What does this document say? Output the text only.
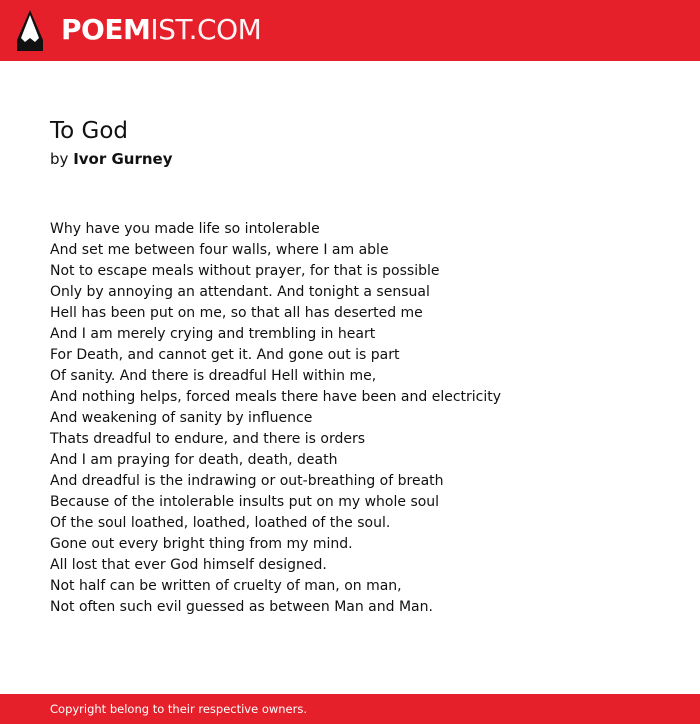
POEMIST.COM
To God
by Ivor Gurney
Why have you made life so intolerable
And set me between four walls, where I am able
Not to escape meals without prayer, for that is possible
Only by annoying an attendant. And tonight a sensual
Hell has been put on me, so that all has deserted me
And I am merely crying and trembling in heart
For Death, and cannot get it. And gone out is part
Of sanity. And there is dreadful Hell within me,
And nothing helps, forced meals there have been and electricity
And weakening of sanity by influence
Thats dreadful to endure, and there is orders
And I am praying for death, death, death
And dreadful is the indrawing or out-breathing of breath
Because of the intolerable insults put on my whole soul
Of the soul loathed, loathed, loathed of the soul.
Gone out every bright thing from my mind.
All lost that ever God himself designed.
Not half can be written of cruelty of man, on man,
Not often such evil guessed as between Man and Man.
Copyright belong to their respective owners.
